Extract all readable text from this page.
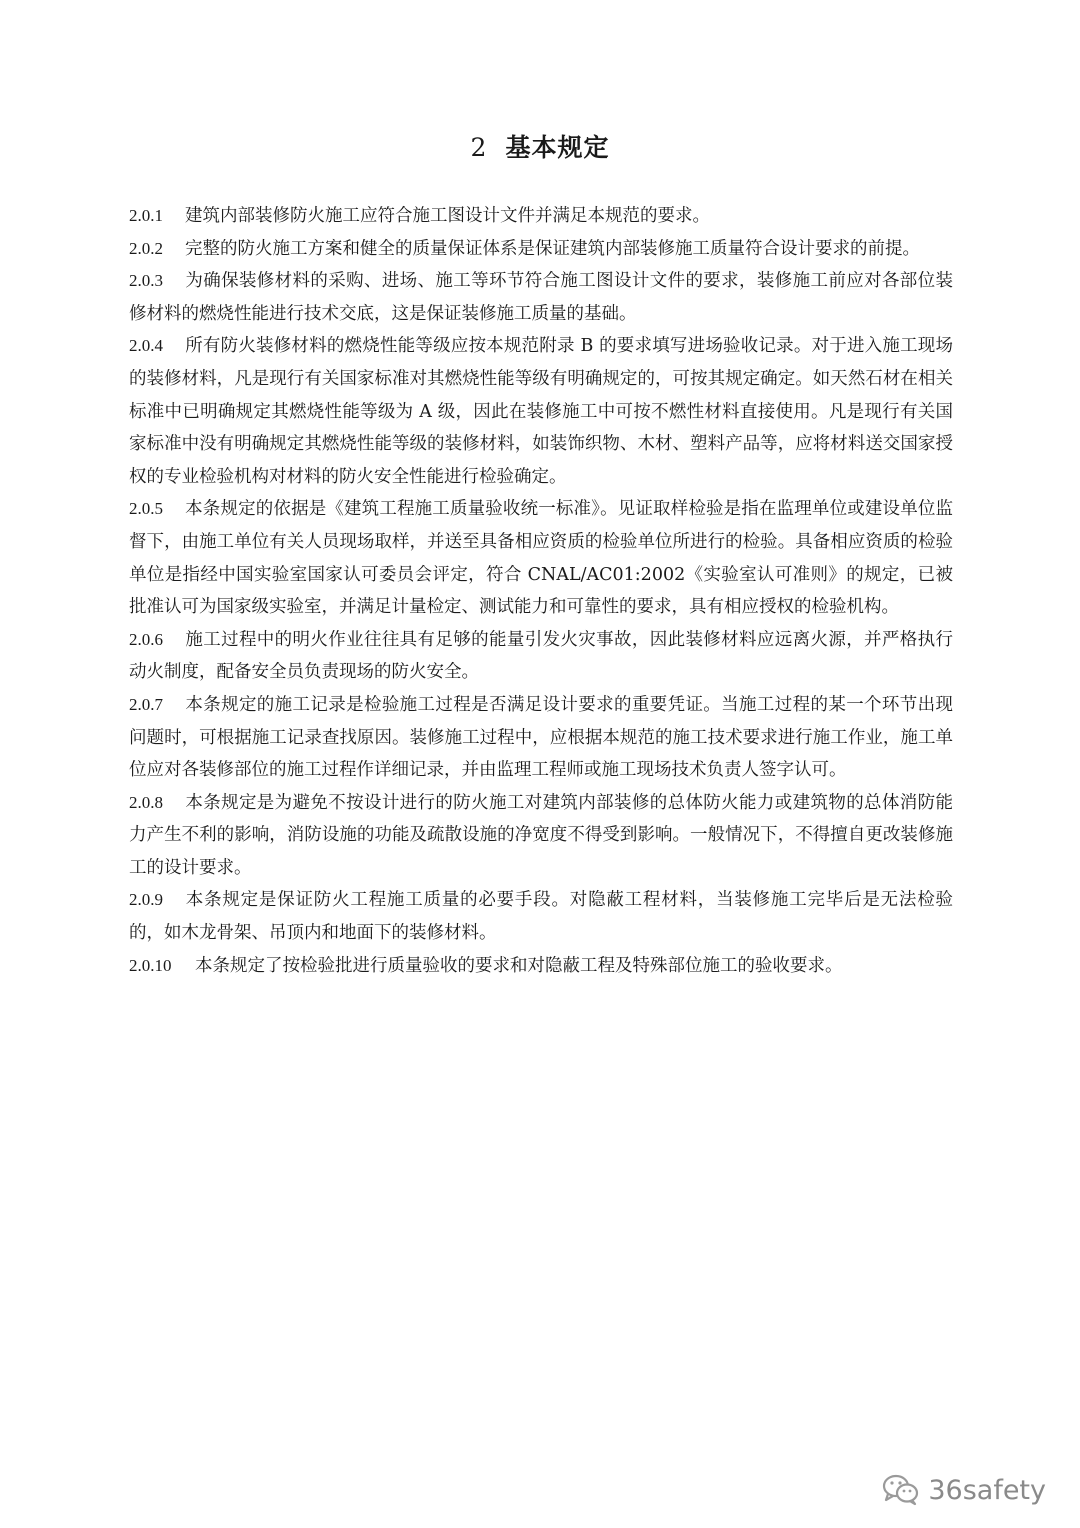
2 基本规定

2.0.1 建筑内部装修防火施工应符合施工图设计文件并满足本规范的要求。

2.0.2 完整的防火施工方案和健全的质量保证体系是保证建筑内部装修施工质量符合设计要求的前提。

2.0.3 为确保装修材料的采购、进场、施工等环节符合施工图设计文件的要求，装修施工前应对各部位装修材料的燃烧性能进行技术交底，这是保证装修施工质量的基础。

2.0.4 所有防火装修材料的燃烧性能等级应按本规范附录 B 的要求填写进场验收记录。对于进入施工现场的装修材料，凡是现行有关国家标准对其燃烧性能等级有明确规定的，可按其规定确定。如天然石材在相关标准中已明确规定其燃烧性能等级为 A 级，因此在装修施工中可按不燃性材料直接使用。凡是现行有关国家标准中没有明确规定其燃烧性能等级的装修材料，如装饰织物、木材、塑料产品等，应将材料送交国家授权的专业检验机构对材料的防火安全性能进行检验确定。

2.0.5 本条规定的依据是《建筑工程施工质量验收统一标准》。见证取样检验是指在监理单位或建设单位监督下，由施工单位有关人员现场取样，并送至具备相应资质的检验单位所进行的检验。具备相应资质的检验单位是指经中国实验室国家认可委员会评定，符合 CNAL/AC01:2002《实验室认可准则》的规定，已被批准认可为国家级实验室，并满足计量检定、测试能力和可靠性的要求，具有相应授权的检验机构。

2.0.6 施工过程中的明火作业往往具有足够的能量引发火灾事故，因此装修材料应远离火源，并严格执行动火制度，配备安全员负责现场的防火安全。

2.0.7 本条规定的施工记录是检验施工过程是否满足设计要求的重要凭证。当施工过程的某一个环节出现问题时，可根据施工记录查找原因。装修施工过程中，应根据本规范的施工技术要求进行施工作业，施工单位应对各装修部位的施工过程作详细记录，并由监理工程师或施工现场技术负责人签字认可。

2.0.8 本条规定是为避免不按设计进行的防火施工对建筑内部装修的总体防火能力或建筑物的总体消防能力产生不利的影响，消防设施的功能及疏散设施的净宽度不得受到影响。一般情况下，不得擅自更改装修施工的设计要求。

2.0.9 本条规定是保证防火工程施工质量的必要手段。对隐蔽工程材料，当装修施工完毕后是无法检验的，如木龙骨架、吊顶内和地面下的装修材料。

2.0.10 本条规定了按检验批进行质量验收的要求和对隐蔽工程及特殊部位施工的验收要求。

36safety
